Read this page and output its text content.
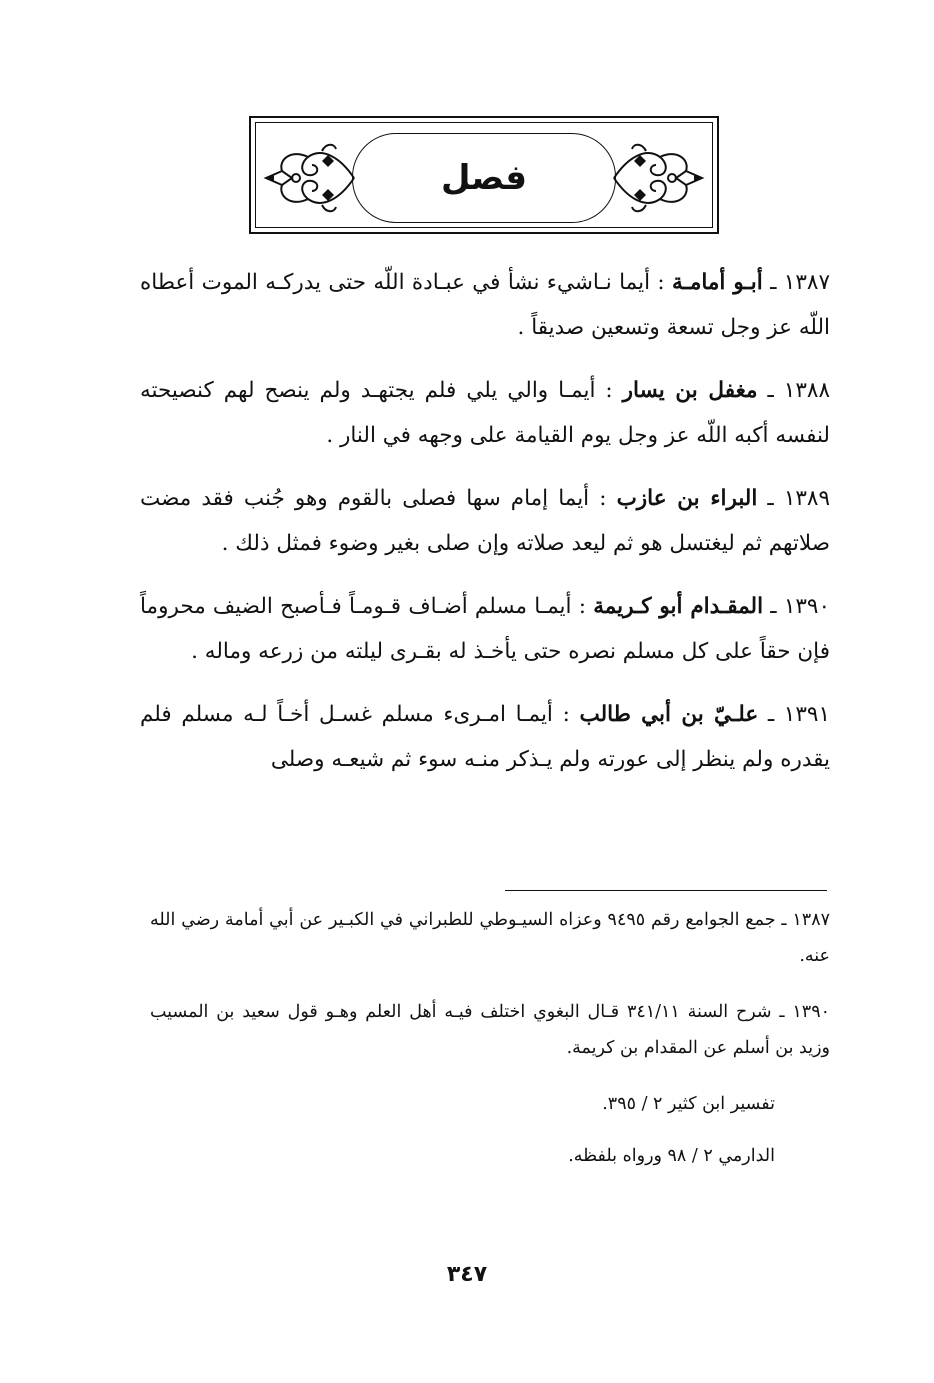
فصل

١٣٨٧ ـ أبـو أمامـة : أيما نـاشيء نشأ في عبـادة اللّه حتى يدركـه الموت أعطاه اللّه عز وجل تسعة وتسعين صديقاً .

١٣٨٨ ـ مغفل بن يسار : أيمـا والي يلي فلم يجتهـد ولم ينصح لهم كنصيحته لنفسه أكبه اللّه عز وجل يوم القيامة على وجهه في النار .

١٣٨٩ ـ البراء بن عازب : أيما إمام سها فصلى بالقوم وهو جُنب فقد مضت صلاتهم ثم ليغتسل هو ثم ليعد صلاته وإن صلى بغير وضوء فمثل ذلك .

١٣٩٠ ـ المقـدام أبو كـريمة : أيمـا مسلم أضـاف قـومـاً فـأصبح الضيف محروماً فإن حقاً على كل مسلم نصره حتى يأخـذ له بقـرى ليلته من زرعه وماله .

١٣٩١ ـ علـيّ بن أبي طالب : أيمـا امـرىء مسلم غسـل أخـاً لـه مسلم فلم يقدره ولم ينظر إلى عورته ولم يـذكر منـه سوء ثم شيعـه وصلى

١٣٨٧ ـ جمع الجوامع رقم ٩٤٩٥ وعزاه السيـوطي للطبراني في الكبـير عن أبي أمامة رضي الله عنه.

١٣٩٠ ـ شرح السنة ٣٤١/١١ قـال البغوي اختلف فيـه أهل العلم وهـو قول سعيد بن المسيب وزيد بن أسلم عن المقدام بن كريمة.

تفسير ابن كثير ٢ / ٣٩٥.

الدارمي ٢ / ٩٨ ورواه بلفظه.

٣٤٧
